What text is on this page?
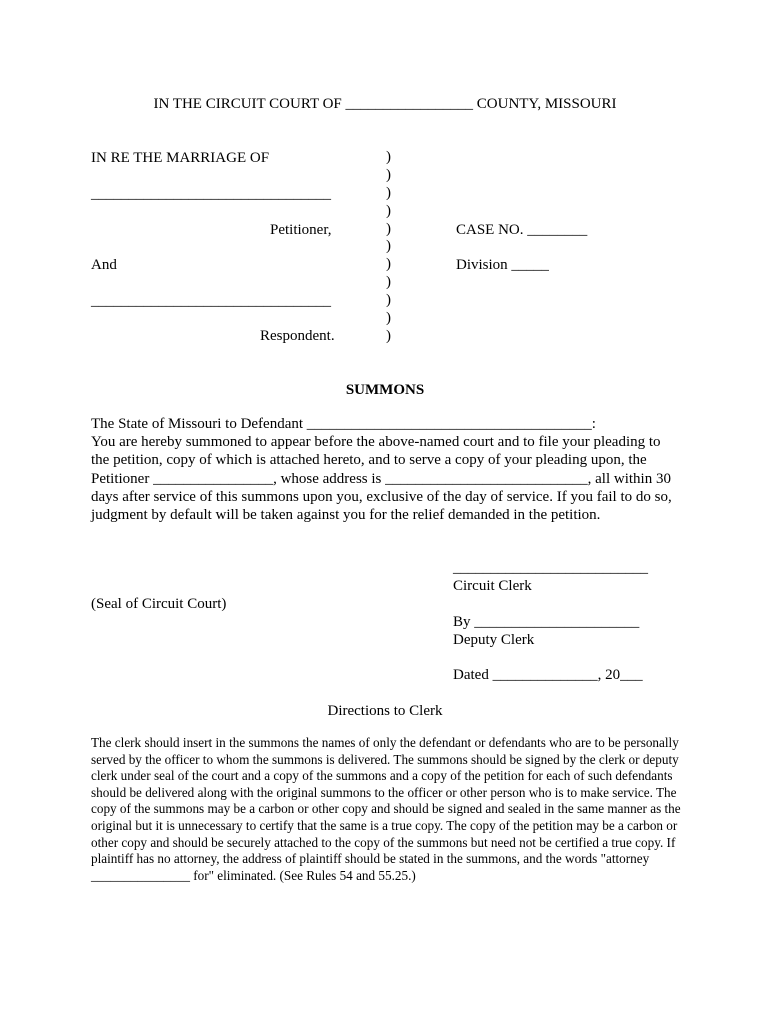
IN THE CIRCUIT COURT OF _________________ COUNTY, MISSOURI
IN RE THE MARRIAGE OF
________________________________
Petitioner,
And
________________________________
Respondent.
)
)
)
)
)
)
)
)
)
)
)
CASE NO. ________
Division _____
SUMMONS

The State of Missouri to Defendant ______________________________________:

You are hereby summoned to appear before the above-named court and to file your pleading to the petition, copy of which is attached hereto, and to serve a copy of your pleading upon, the Petitioner ________________, whose address is ___________________________, all within 30 days after service of this summons upon you, exclusive of the day of service. If you fail to do so, judgment by default will be taken against you for the relief demanded in the petition.

__________________________
Circuit Clerk
(Seal of Circuit Court)
By ______________________
Deputy Clerk
Dated ______________, 20___
Directions to Clerk
The clerk should insert in the summons the names of only the defendant or defendants who are to be personally served by the officer to whom the summons is delivered. The summons should be signed by the clerk or deputy clerk under seal of the court and a copy of the summons and a copy of the petition for each of such defendants should be delivered along with the original summons to the officer or other person who is to make service. The copy of the summons may be a carbon or other copy and should be signed and sealed in the same manner as the original but it is unnecessary to certify that the same is a true copy. The copy of the petition may be a carbon or other copy and should be securely attached to the copy of the summons but need not be certified a true copy. If plaintiff has no attorney, the address of plaintiff should be stated in the summons, and the words "attorney _______________ for" eliminated. (See Rules 54 and 55.25.)
